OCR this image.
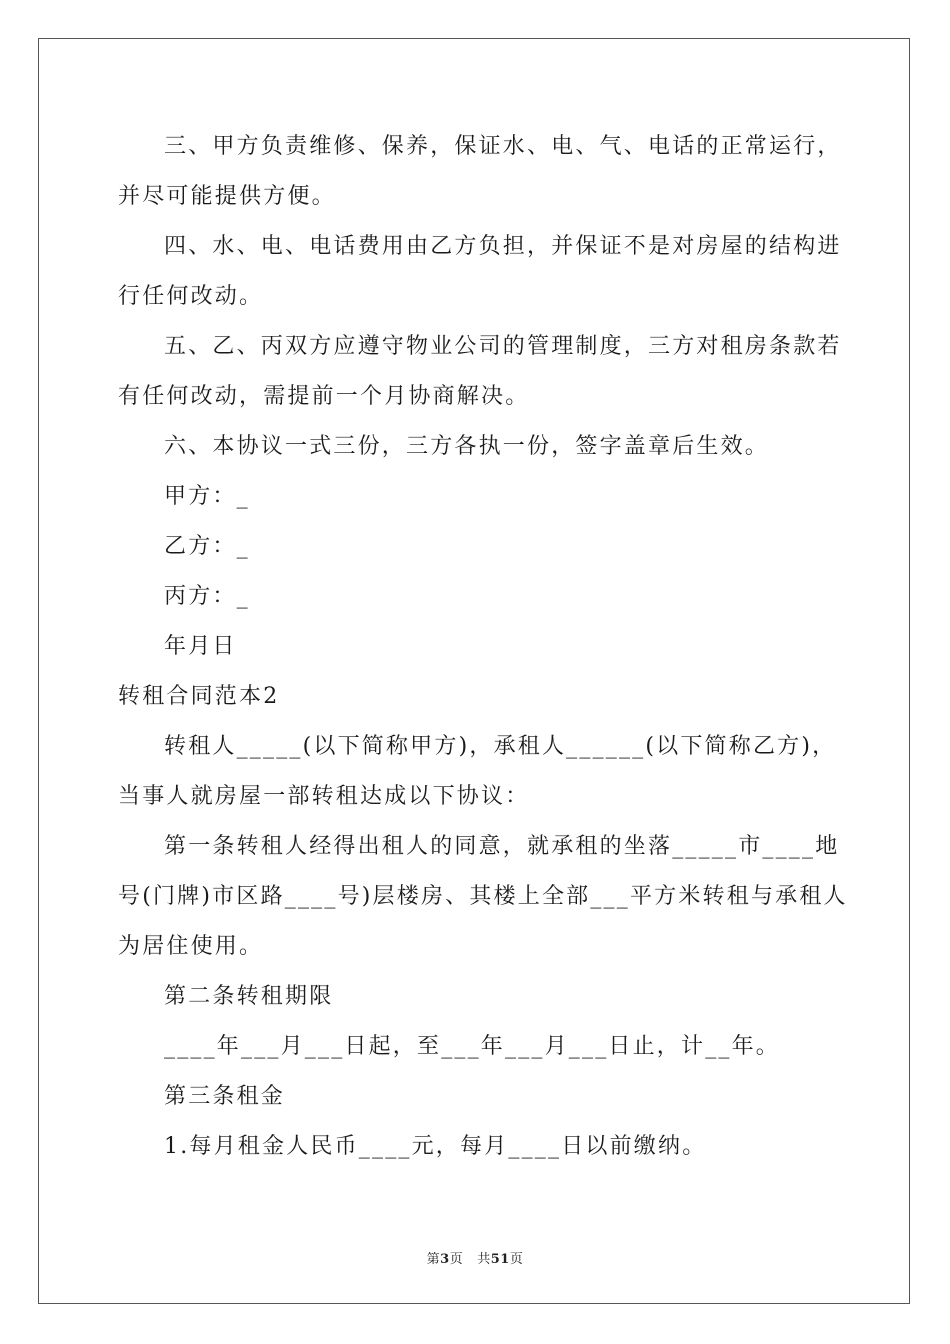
三、甲方负责维修、保养，保证水、电、气、电话的正常运行，
并尽可能提供方便。
四、水、电、电话费用由乙方负担，并保证不是对房屋的结构进
行任何改动。
五、乙、丙双方应遵守物业公司的管理制度，三方对租房条款若
有任何改动，需提前一个月协商解决。
六、本协议一式三份，三方各执一份，签字盖章后生效。
甲方：_
乙方：_
丙方：_
年月日
转租合同范本2
转租人_____(以下简称甲方)，承租人______(以下简称乙方)，
当事人就房屋一部转租达成以下协议：
第一条转租人经得出租人的同意，就承租的坐落_____市____地
号(门牌)市区路____号)层楼房、其楼上全部___平方米转租与承租人
为居住使用。
第二条转租期限
____年___月___日起，至___年___月___日止，计__年。
第三条租金
1.每月租金人民币____元，每月____日以前缴纳。
第3页 共51页
